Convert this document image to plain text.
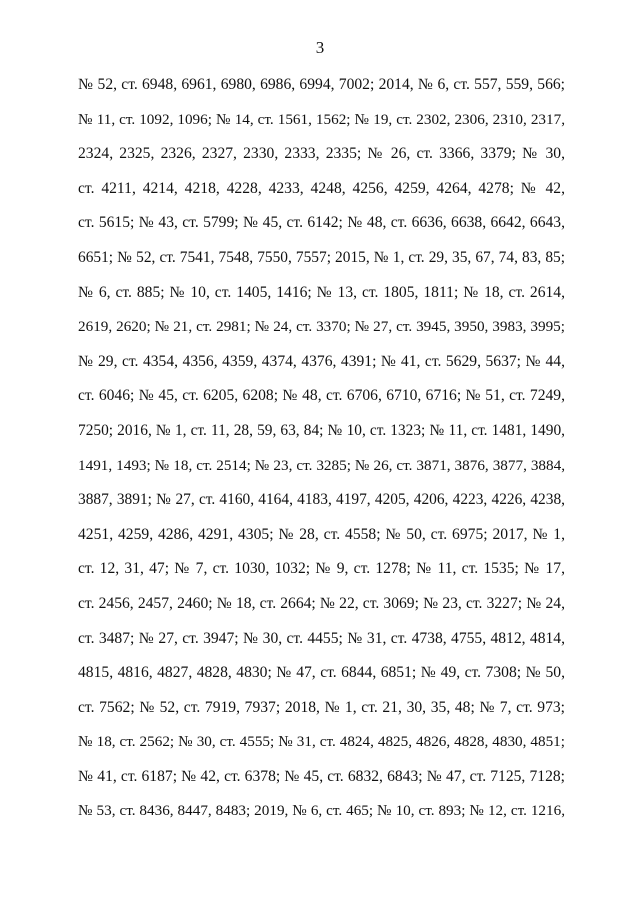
3
№ 52, ст. 6948, 6961, 6980, 6986, 6994, 7002; 2014, № 6, ст. 557, 559, 566;
№ 11, ст. 1092, 1096; № 14, ст. 1561, 1562; № 19, ст. 2302, 2306, 2310, 2317,
2324, 2325, 2326, 2327, 2330, 2333, 2335; № 26, ст. 3366, 3379; № 30,
ст. 4211, 4214, 4218, 4228, 4233, 4248, 4256, 4259, 4264, 4278; № 42,
ст. 5615; № 43, ст. 5799; № 45, ст. 6142; № 48, ст. 6636, 6638, 6642, 6643,
6651; № 52, ст. 7541, 7548, 7550, 7557; 2015, № 1, ст. 29, 35, 67, 74, 83, 85;
№ 6, ст. 885; № 10, ст. 1405, 1416; № 13, ст. 1805, 1811; № 18, ст. 2614,
2619, 2620; № 21, ст. 2981; № 24, ст. 3370; № 27, ст. 3945, 3950, 3983, 3995;
№ 29, ст. 4354, 4356, 4359, 4374, 4376, 4391; № 41, ст. 5629, 5637; № 44,
ст. 6046; № 45, ст. 6205, 6208; № 48, ст. 6706, 6710, 6716; № 51, ст. 7249,
7250; 2016, № 1, ст. 11, 28, 59, 63, 84; № 10, ст. 1323; № 11, ст. 1481, 1490,
1491, 1493; № 18, ст. 2514; № 23, ст. 3285; № 26, ст. 3871, 3876, 3877, 3884,
3887, 3891; № 27, ст. 4160, 4164, 4183, 4197, 4205, 4206, 4223, 4226, 4238,
4251, 4259, 4286, 4291, 4305; № 28, ст. 4558; № 50, ст. 6975; 2017, № 1,
ст. 12, 31, 47; № 7, ст. 1030, 1032; № 9, ст. 1278; № 11, ст. 1535; № 17,
ст. 2456, 2457, 2460; № 18, ст. 2664; № 22, ст. 3069; № 23, ст. 3227; № 24,
ст. 3487; № 27, ст. 3947; № 30, ст. 4455; № 31, ст. 4738, 4755, 4812, 4814,
4815, 4816, 4827, 4828, 4830; № 47, ст. 6844, 6851; № 49, ст. 7308; № 50,
ст. 7562; № 52, ст. 7919, 7937; 2018, № 1, ст. 21, 30, 35, 48; № 7, ст. 973;
№ 18, ст. 2562; № 30, ст. 4555; № 31, ст. 4824, 4825, 4826, 4828, 4830, 4851;
№ 41, ст. 6187; № 42, ст. 6378; № 45, ст. 6832, 6843; № 47, ст. 7125, 7128;
№ 53, ст. 8436, 8447, 8483; 2019, № 6, ст. 465; № 10, ст. 893; № 12, ст. 1216,
